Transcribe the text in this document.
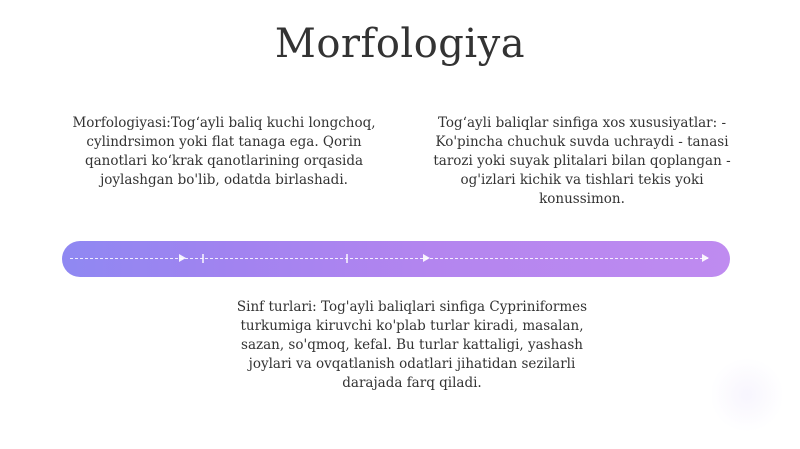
Morfologiya

Morfologiyasi:Tog‘ayli baliq kuchi longchoq, cylindrsimon yoki flat tanaga ega. Qorin qanotlari ko‘krak qanotlarining orqasida joylashgan bo'lib, odatda birlashadi.

Tog‘ayli baliqlar sinfiga xos xususiyatlar: - Ko'pincha chuchuk suvda uchraydi - tanasi tarozi yoki suyak plitalari bilan qoplangan - og'izlari kichik va tishlari tekis yoki konussimon.

Sinf turlari: Tog'ayli baliqlari sinfiga Cypriniformes turkumiga kiruvchi ko'plab turlar kiradi, masalan, sazan, so'qmoq, kefal. Bu turlar kattaligi, yashash joylari va ovqatlanish odatlari jihatidan sezilarli darajada farq qiladi.
